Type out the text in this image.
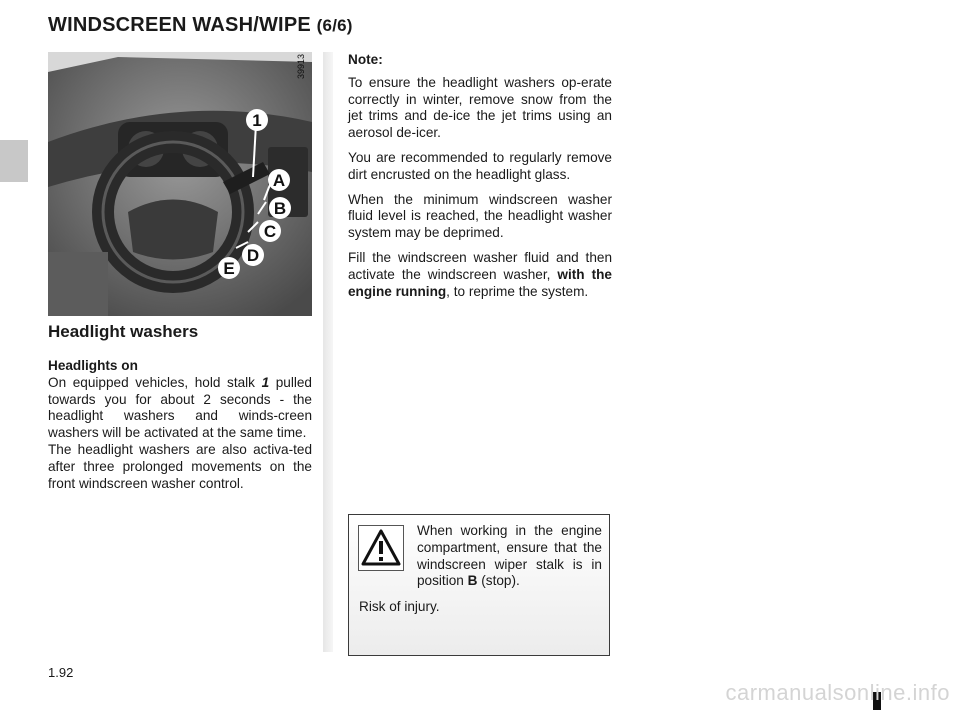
WINDSCREEN WASH/WIPE (6/6)
1
A
B
C
D
E
39913
Headlight washers

Headlights on

On equipped vehicles, hold stalk 1 pulled towards you for about 2 seconds - the headlight washers and winds-creen washers will be activated at the same time.

The headlight washers are also activa-ted after three prolonged movements on the front windscreen washer control.

Note:

To ensure the headlight washers op-erate correctly in winter, remove snow from the jet trims and de-ice the jet trims using an aerosol de-icer.

You are recommended to regularly remove dirt encrusted on the headlight glass.

When the minimum windscreen washer fluid level is reached, the headlight washer system may be deprimed.

Fill the windscreen washer fluid and then activate the windscreen washer, with the engine running, to reprime the system.

When working in the engine compartment, ensure that the windscreen wiper stalk is in position B (stop).
Risk of injury.
1.92
carmanualsonline.info
